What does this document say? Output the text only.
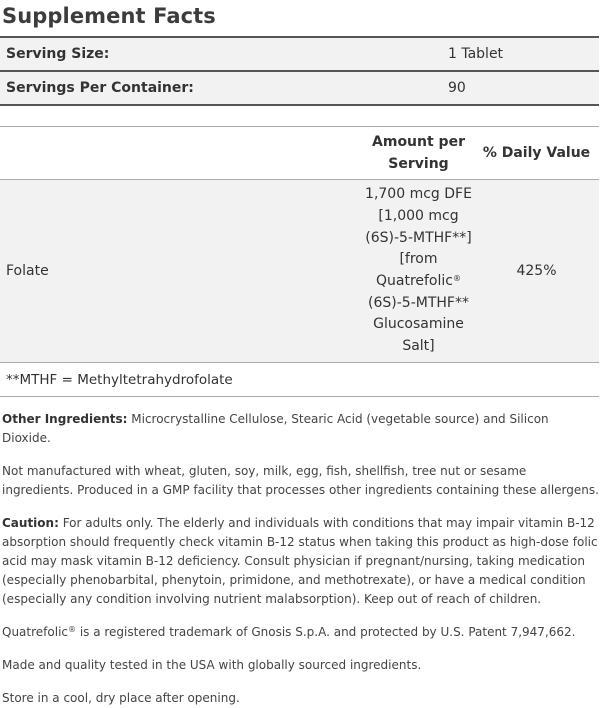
Supplement Facts
Serving Size:	1 Tablet
Servings Per Container:	90
Amount per
Serving
% Daily Value
Folate
1,700 mcg DFE
[1,000 mcg
(6S)-5-MTHF**]
[from
Quatrefolic®
(6S)-5-MTHF**
Glucosamine
Salt]
425%
**MTHF = Methyltetrahydrofolate

Other Ingredients: Microcrystalline Cellulose, Stearic Acid (vegetable source) and Silicon Dioxide.

Not manufactured with wheat, gluten, soy, milk, egg, fish, shellfish, tree nut or sesame ingredients. Produced in a GMP facility that processes other ingredients containing these allergens.

Caution: For adults only. The elderly and individuals with conditions that may impair vitamin B-12 absorption should frequently check vitamin B-12 status when taking this product as high-dose folic acid may mask vitamin B-12 deficiency. Consult physician if pregnant/nursing, taking medication (especially phenobarbital, phenytoin, primidone, and methotrexate), or have a medical condition (especially any condition involving nutrient malabsorption). Keep out of reach of children.

Quatrefolic® is a registered trademark of Gnosis S.p.A. and protected by U.S. Patent 7,947,662.

Made and quality tested in the USA with globally sourced ingredients.

Store in a cool, dry place after opening.
